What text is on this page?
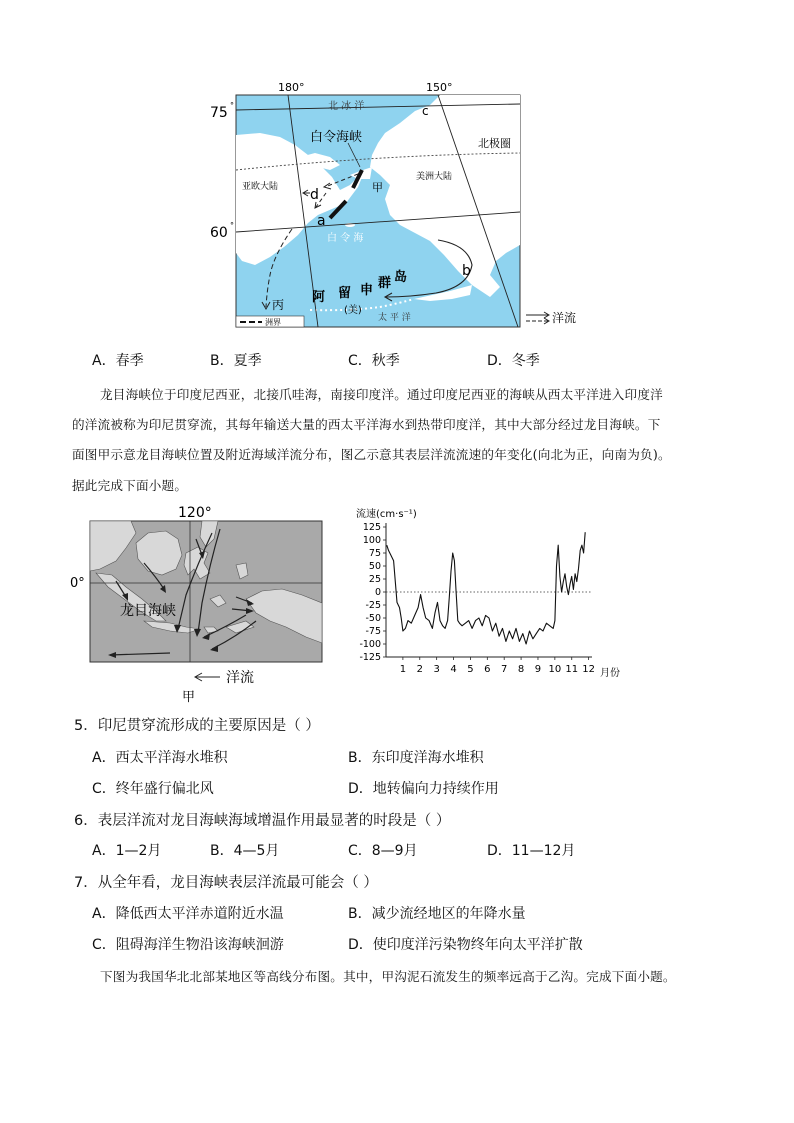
洲界
180°	150°
75 °
60 °
北 冰 洋	c
白令海峡	北极圈
亚欧大陆
美洲大陆
甲
d
a
白 令 海
b
阿 留 申 群 岛
(美)
太 平 洋
丙
洋流
A．春季	B．夏季	C．秋季	D．冬季
龙目海峡位于印度尼西亚，北接爪哇海，南接印度洋。通过印度尼西亚的海峡从西太平洋进入印度洋
的洋流被称为印尼贯穿流，其每年输送大量的西太平洋海水到热带印度洋，其中大部分经过龙目海峡。下
面图甲示意龙目海峡位置及附近海域洋流分布，图乙示意其表层洋流流速的年变化(向北为正，向南为负)。
据此完成下面小题。
120°
0°
龙目海峡
洋流
甲
流速(cm·s⁻¹)
月份
125
100
75
50
25
0
-25
-50
-75
-100
-125
1 2 3 4 5 6 7 8 9 10 11 12
5．印尼贯穿流形成的主要原因是（ ）
A．西太平洋海水堆积	B．东印度洋海水堆积
C．终年盛行偏北风	D．地转偏向力持续作用
6．表层洋流对龙目海峡海域增温作用最显著的时段是（ ）
A．1—2月	B．4—5月	C．8—9月	D．11—12月
7．从全年看，龙目海峡表层洋流最可能会（ ）
A．降低西太平洋赤道附近水温	B．减少流经地区的年降水量
C．阻碍海洋生物沿该海峡洄游	D．使印度洋污染物终年向太平洋扩散
下图为我国华北北部某地区等高线分布图。其中，甲沟泥石流发生的频率远高于乙沟。完成下面小题。
